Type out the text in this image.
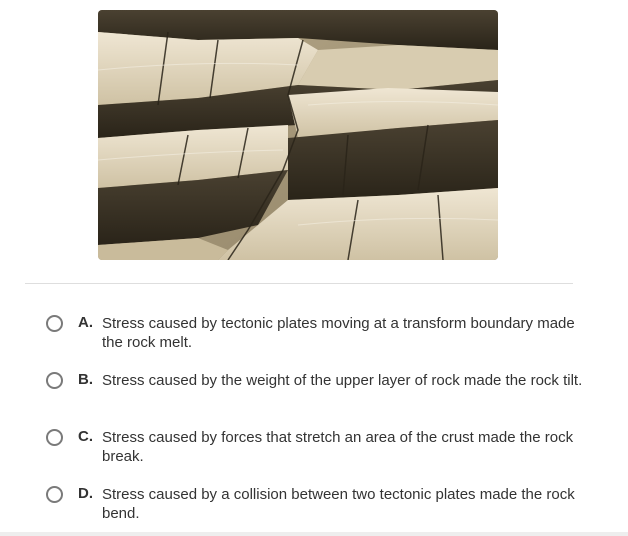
A. Stress caused by tectonic plates moving at a transform boundary made the rock melt.
B. Stress caused by the weight of the upper layer of rock made the rock tilt.
C. Stress caused by forces that stretch an area of the crust made the rock break.
D. Stress caused by a collision between two tectonic plates made the rock bend.
